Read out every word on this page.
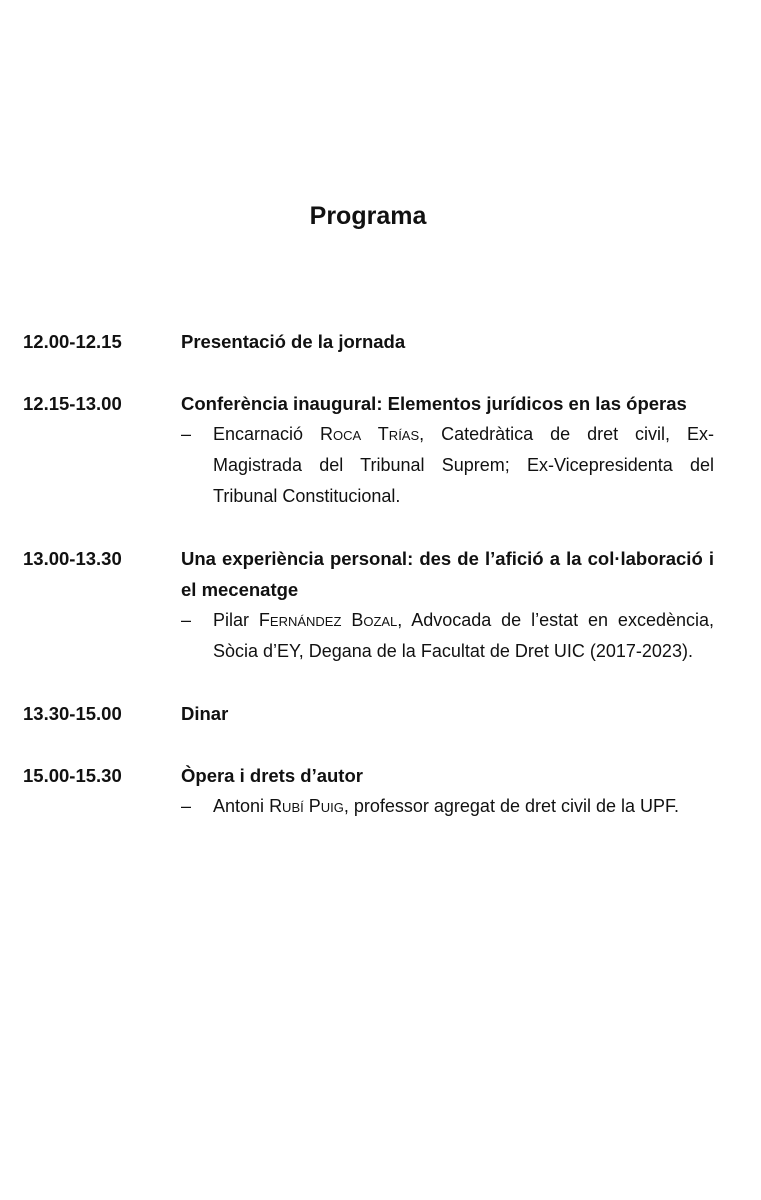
Programa
12.00-12.15	Presentació de la jornada

12.15-13.00	Conferència inaugural: Elementos jurídicos en las óperas

– Encarnació Roca Trías, Catedràtica de dret civil, Ex-Magistrada del Tribunal Suprem; Ex-Vicepresidenta del Tribunal Constitucional.

13.00-13.30	Una experiència personal: des de l’afició a la col·laboració i el mecenatge

– Pilar Fernández Bozal, Advocada de l’estat en excedència, Sòcia d’EY, Degana de la Facultat de Dret UIC (2017-2023).

13.30-15.00	Dinar

15.00-15.30	Òpera i drets d’autor

– Antoni Rubí Puig, professor agregat de dret civil de la UPF.
